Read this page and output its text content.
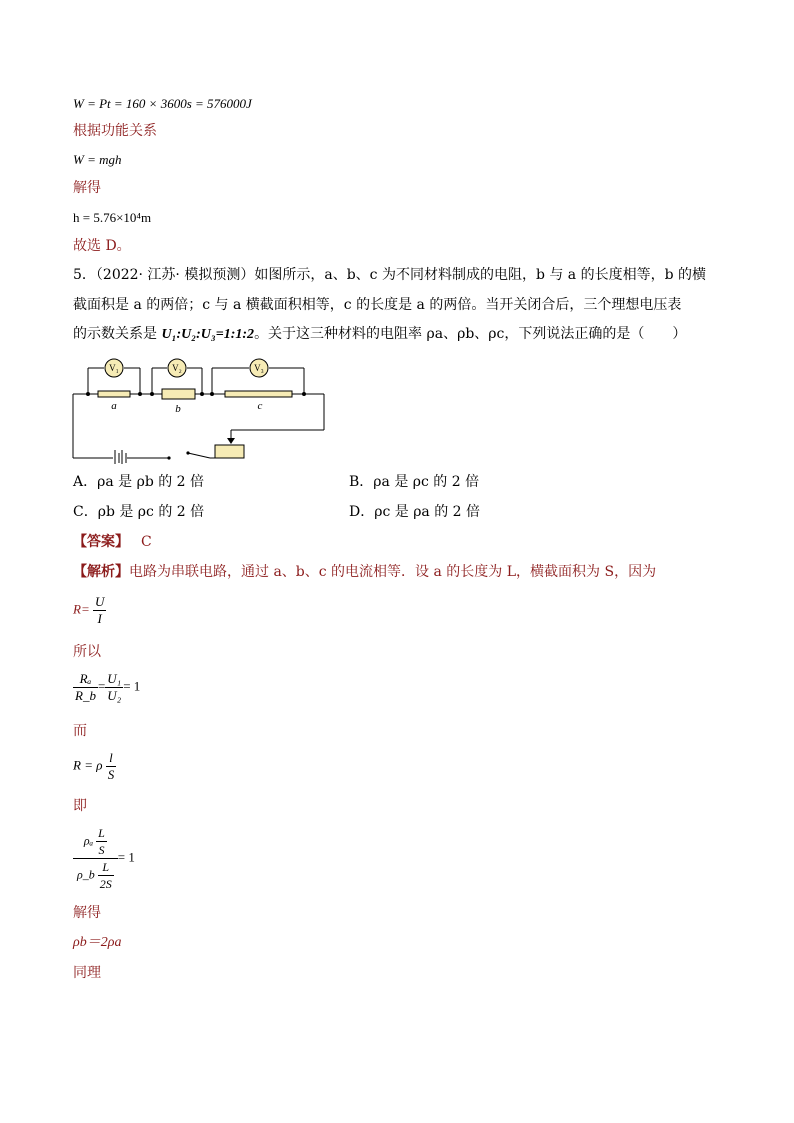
W = Pt = 160 × 3600s = 576000J
根据功能关系
W = mgh
解得
h = 5.76×10⁴m
故选 D。
5．（2022· 江苏· 模拟预测）如图所示，a、b、c 为不同材料制成的电阻，b 与 a 的长度相等，b 的横
截面积是 a 的两倍；c 与 a 横截面积相等，c 的长度是 a 的两倍。当开关闭合后，三个理想电压表
的示数关系是 U₁:U₂:U₃=1:1:2。关于这三种材料的电阻率 ρa、ρb、ρc，下列说法正确的是（　　）
V₁	V₂	V₃
a	b	c
A．ρa 是 ρb 的 2 倍	B．ρa 是 ρc 的 2 倍
C．ρb 是 ρc 的 2 倍	D．ρc 是 ρa 的 2 倍
【答案】 C
【解析】电路为串联电路，通过 a、b、c 的电流相等．设 a 的长度为 L，横截面积为 S，因为
$R= \frac{U}{I}$
所以
$\frac{\text{Rₐ}}{R\_b} = \frac{\text{U₁}}{\text{U₂}} = 1$
而
R = ρ $\frac{l}{S}$
即
$\frac{\rho_a \frac{L}{S}}{\rho\_b \frac{L}{2S}} = 1$
解得
ρb＝2ρa
同理
